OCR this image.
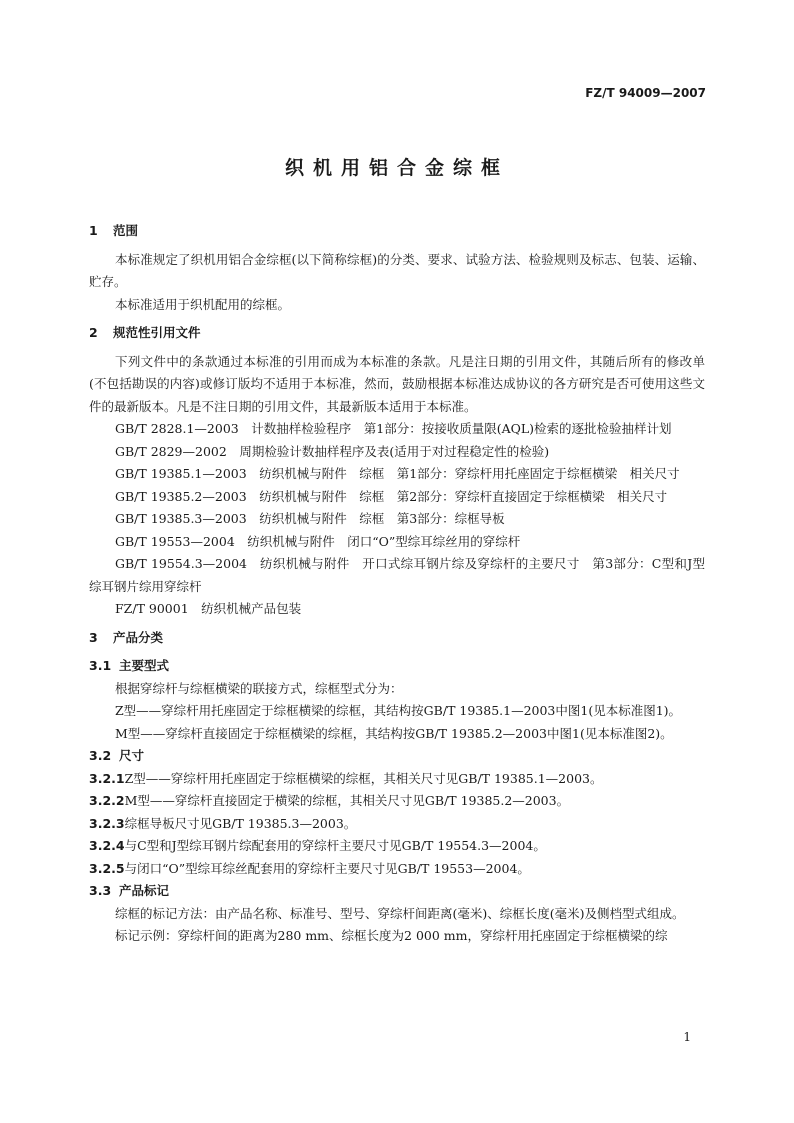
FZ/T 94009—2007
织机用铝合金综框
1 范围

本标准规定了织机用铝合金综框(以下简称综框)的分类、要求、试验方法、检验规则及标志、包装、运输、贮存。

本标准适用于织机配用的综框。

2 规范性引用文件

下列文件中的条款通过本标准的引用而成为本标准的条款。凡是注日期的引用文件，其随后所有的修改单(不包括勘误的内容)或修订版均不适用于本标准，然而，鼓励根据本标准达成协议的各方研究是否可使用这些文件的最新版本。凡是不注日期的引用文件，其最新版本适用于本标准。

GB/T 2828.1—2003　计数抽样检验程序　第1部分：按接收质量限(AQL)检索的逐批检验抽样计划

GB/T 2829—2002　周期检验计数抽样程序及表(适用于对过程稳定性的检验)

GB/T 19385.1—2003　纺织机械与附件　综框　第1部分：穿综杆用托座固定于综框横梁　相关尺寸

GB/T 19385.2—2003　纺织机械与附件　综框　第2部分：穿综杆直接固定于综框横梁　相关尺寸

GB/T 19385.3—2003　纺织机械与附件　综框　第3部分：综框导板

GB/T 19553—2004　纺织机械与附件　闭口“O”型综耳综丝用的穿综杆

GB/T 19554.3—2004　纺织机械与附件　开口式综耳钢片综及穿综杆的主要尺寸　第3部分：C型和J型综耳钢片综用穿综杆

FZ/T 90001　纺织机械产品包装

3 产品分类
3.1 主要型式

根据穿综杆与综框横梁的联接方式，综框型式分为：

Z型——穿综杆用托座固定于综框横梁的综框，其结构按GB/T 19385.1—2003中图1(见本标准图1)。

M型——穿综杆直接固定于综框横梁的综框，其结构按GB/T 19385.2—2003中图1(见本标准图2)。

3.2 尺寸

3.2.1Z型——穿综杆用托座固定于综框横梁的综框，其相关尺寸见GB/T 19385.1—2003。

3.2.2M型——穿综杆直接固定于横梁的综框，其相关尺寸见GB/T 19385.2—2003。

3.2.3综框导板尺寸见GB/T 19385.3—2003。

3.2.4与C型和J型综耳钢片综配套用的穿综杆主要尺寸见GB/T 19554.3—2004。

3.2.5与闭口“O”型综耳综丝配套用的穿综杆主要尺寸见GB/T 19553—2004。

3.3 产品标记

综框的标记方法：由产品名称、标准号、型号、穿综杆间距离(毫米)、综框长度(毫米)及侧档型式组成。

标记示例：穿综杆间的距离为280 mm、综框长度为2 000 mm，穿综杆用托座固定于综框横梁的综

1
